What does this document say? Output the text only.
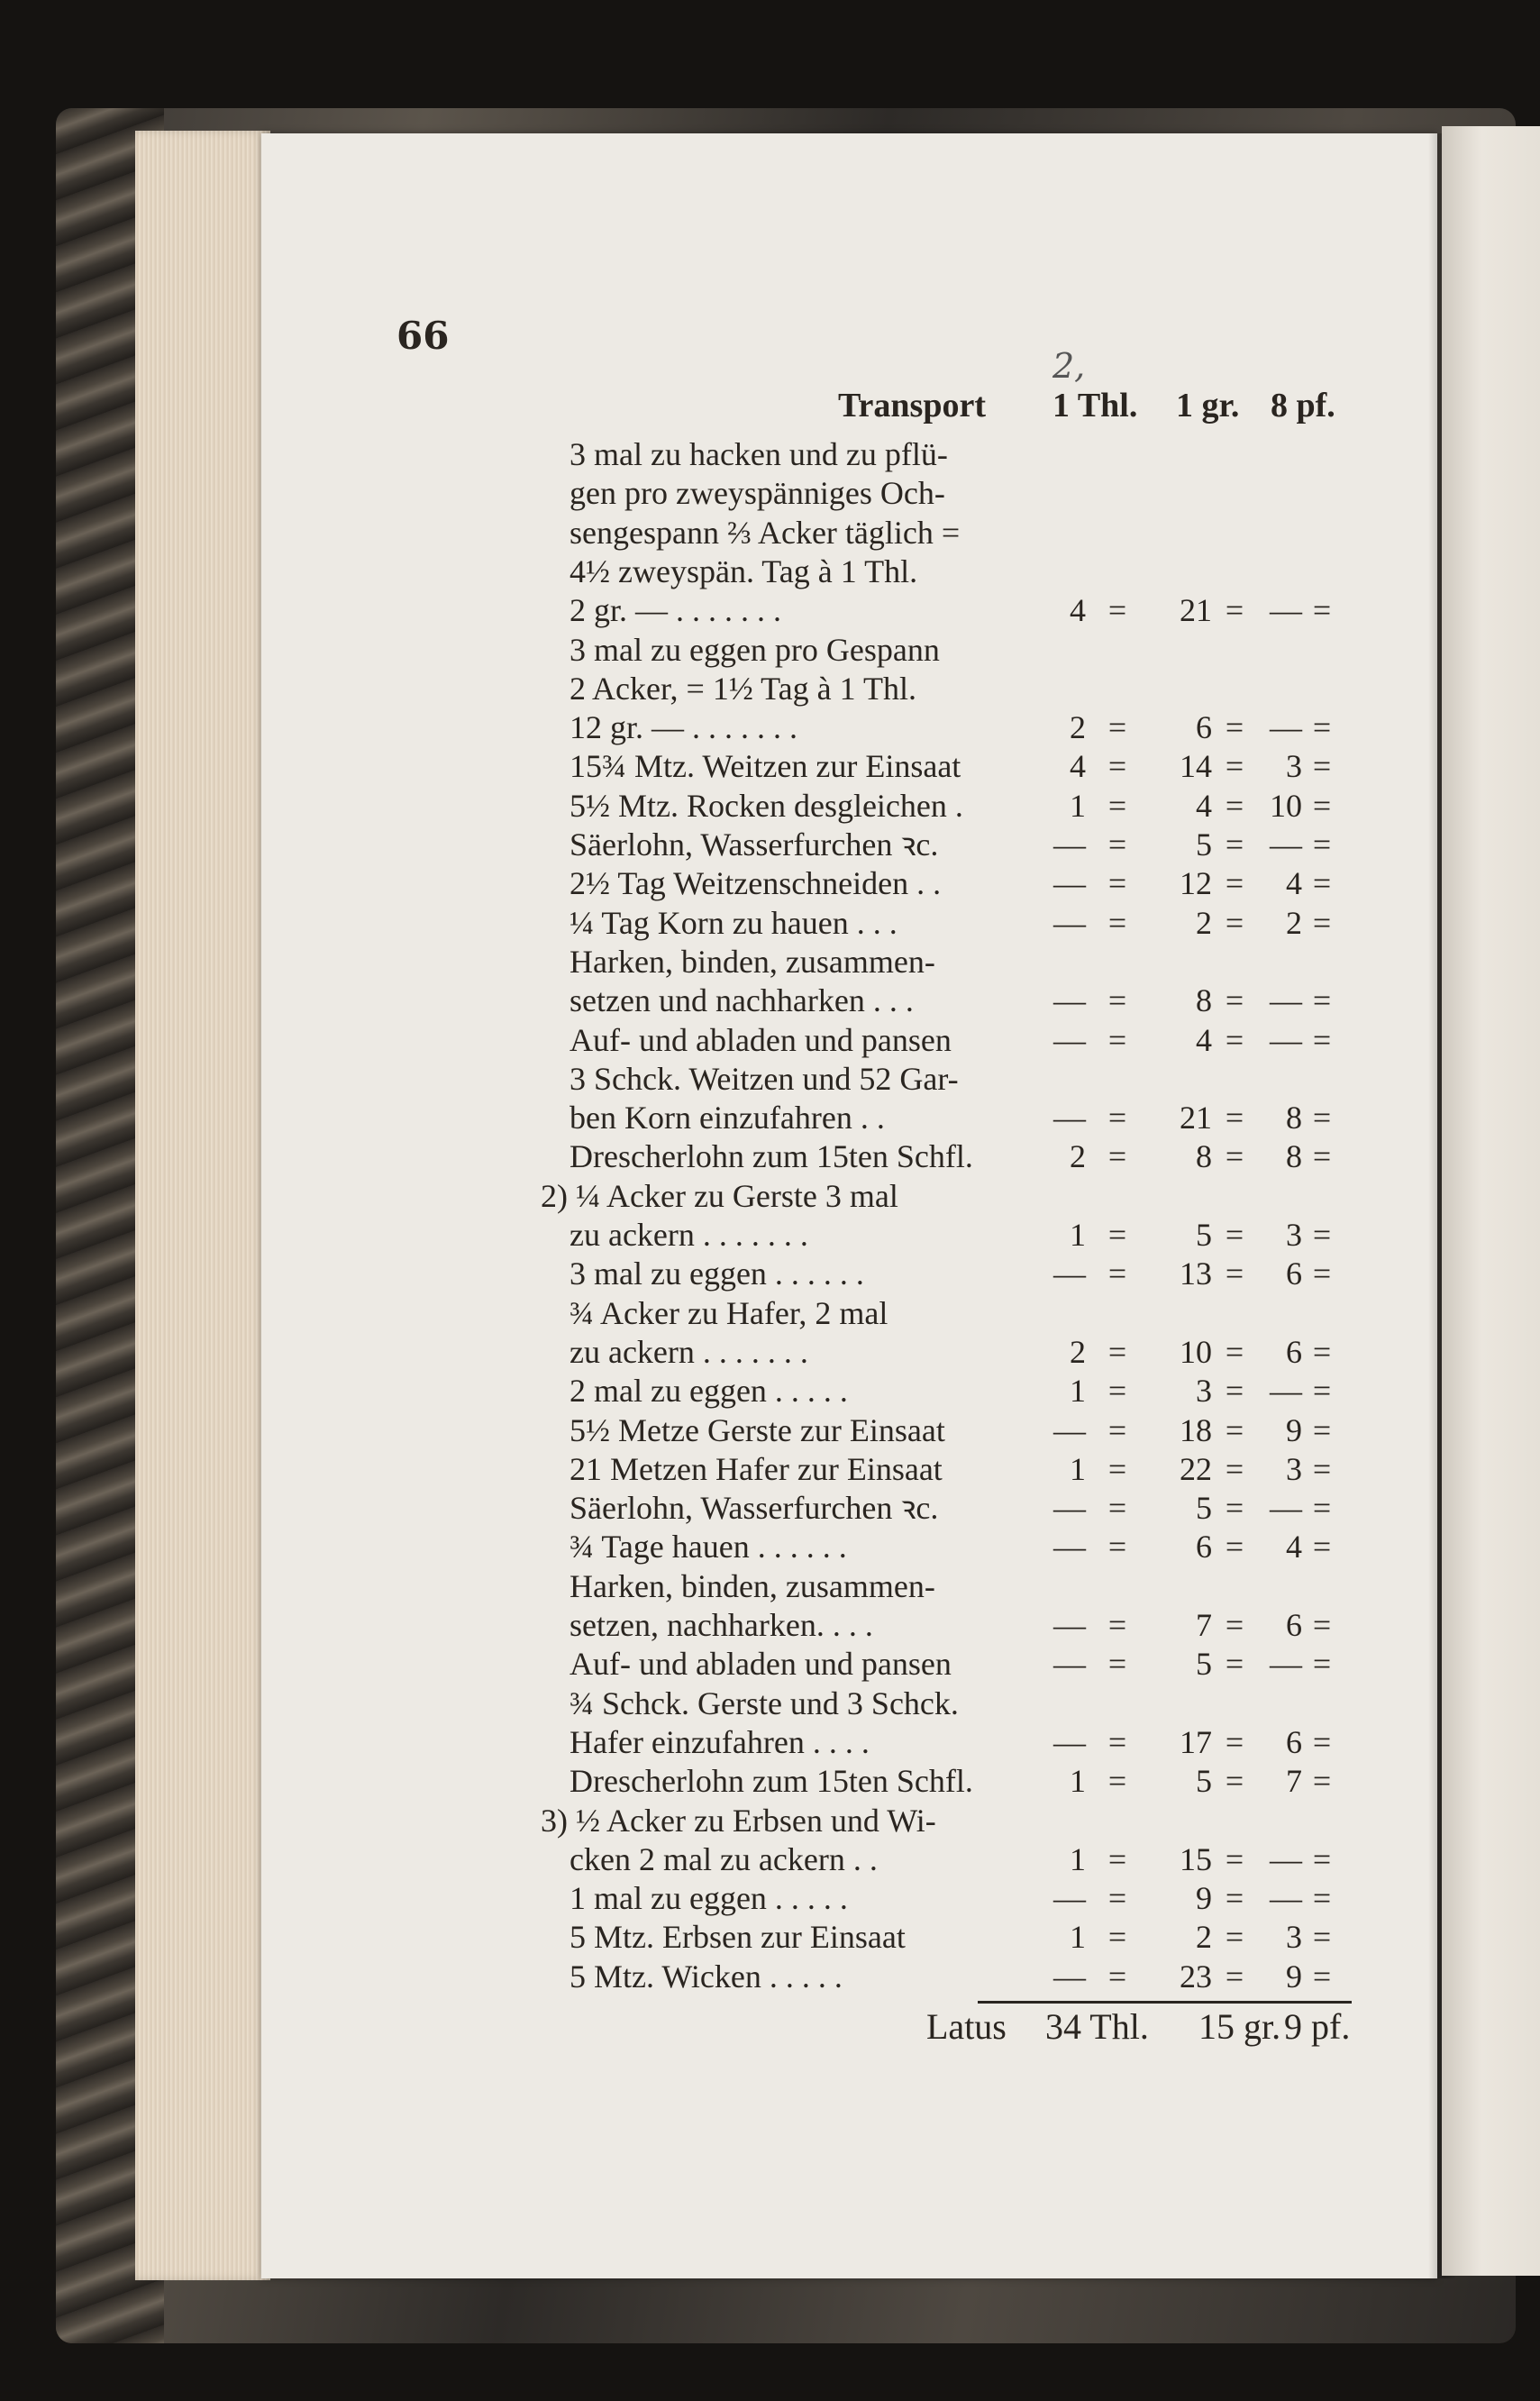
66
2,
Transport 1 Thl. 1 gr. 8 pf.
3 mal zu hacken und zu pflü-
gen pro zweyspänniges Och-
sengespann ⅔ Acker täglich =
4½ zweyspän. Tag à 1 Thl.
2 gr. — . . . . . . .	4 =	21 = — =
3 mal zu eggen pro Gespann
2 Acker, = 1½ Tag à 1 Thl.
12 gr. — . . . . . . .	2 =	6 = — =
15¾ Mtz. Weitzen zur Einsaat	4 =	14 =	3 =
5½ Mtz. Rocken desgleichen .	1 =	4 = 10 =
Säerlohn, Wasserfurchen ꝛc.	— =	5 = — =
2½ Tag Weitzenschneiden . .	— =	12 =	4 =
¼ Tag Korn zu hauen . . .	— =	2 =	2 =
Harken, binden, zusammen-
setzen und nachharken . . .	— =	8 = — =
Auf- und abladen und pansen	— =	4 = — =
3 Schck. Weitzen und 52 Gar-
ben Korn einzufahren . .	— =	21 =	8 =
Drescherlohn zum 15ten Schfl.	2 =	8 =	8 =
2) ¼ Acker zu Gerste 3 mal
zu ackern . . . . . . .	1 =	5 =	3 =
3 mal zu eggen . . . . . .	— =	13 =	6 =
¾ Acker zu Hafer, 2 mal
zu ackern . . . . . . .	2 =	10 =	6 =
2 mal zu eggen . . . . .	1 =	3 = — =
5½ Metze Gerste zur Einsaat	— =	18 =	9 =
21 Metzen Hafer zur Einsaat	1 =	22 =	3 =
Säerlohn, Wasserfurchen ꝛc.	— =	5 = — =
¾ Tage hauen . . . . . .	— =	6 =	4 =
Harken, binden, zusammen-
setzen, nachharken. . . .	— =	7 =	6 =
Auf- und abladen und pansen	— =	5 = — =
¾ Schck. Gerste und 3 Schck.
Hafer einzufahren . . . .	— =	17 =	6 =
Drescherlohn zum 15ten Schfl.	1 =	5 =	7 =
3) ½ Acker zu Erbsen und Wi-
cken 2 mal zu ackern . .	1 =	15 = — =
1 mal zu eggen . . . . .	— =	9 = — =
5 Mtz. Erbsen zur Einsaat	1 =	2 =	3 =
5 Mtz. Wicken . . . . .	— =	23 =	9 =
Latus 34 Thl. 15 gr. 9 pf.
